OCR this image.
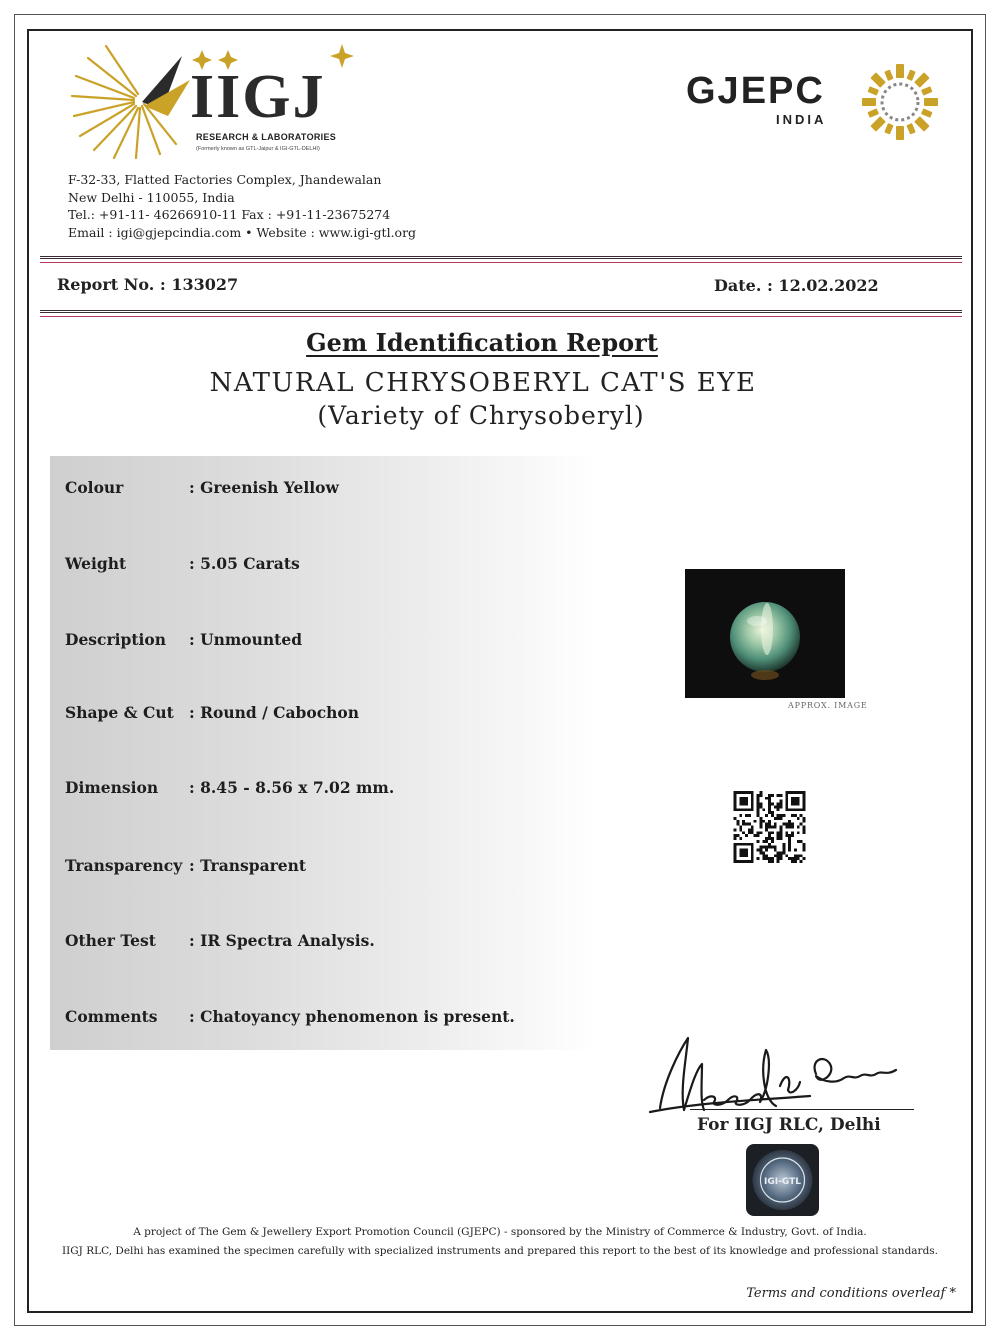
IIGJ
RESEARCH & LABORATORIES
(Formerly known as GTL-Jaipur & IGI-GTL-DELHI)
GJEPC
INDIA
F-32-33, Flatted Factories Complex, Jhandewalan
New Delhi - 110055, India
Tel.: +91-11- 46266910-11 Fax : +91-11-23675274
Email : igi@gjepcindia.com • Website : www.igi-gtl.org
Report No. : 133027	Date. : 12.02.2022
Gem Identification Report
NATURAL CHRYSOBERYL CAT'S EYE
(Variety of Chrysoberyl)
Colour	: Greenish Yellow
Weight	: 5.05 Carats
Description : Unmounted
Shape & Cut : Round / Cabochon
Dimension : 8.45 - 8.56 x 7.02 mm.
Transparency : Transparent
Other Test : IR Spectra Analysis.
Comments : Chatoyancy phenomenon is present.
APPROX. IMAGE
For IIGJ RLC, Delhi
IGI-GTL
A project of The Gem & Jewellery Export Promotion Council (GJEPC) - sponsored by the Ministry of Commerce & Industry, Govt. of India.
IIGJ RLC, Delhi has examined the specimen carefully with specialized instruments and prepared this report to the best of its knowledge and professional standards.
Terms and conditions overleaf *
